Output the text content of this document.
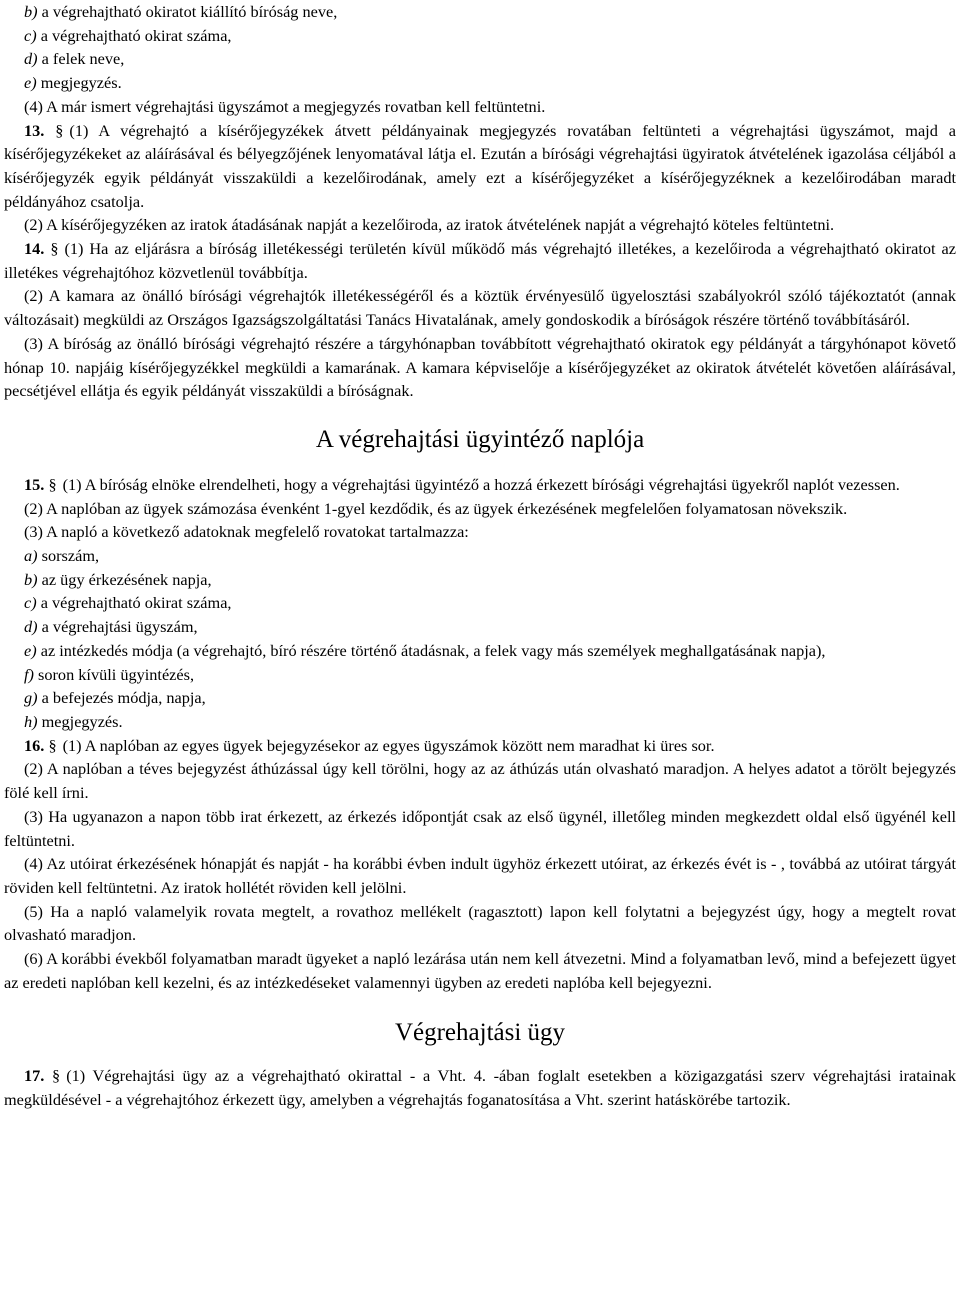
b) a végrehajtható okiratot kiállító bíróság neve,
c) a végrehajtható okirat száma,
d) a felek neve,
e) megjegyzés.

(4) A már ismert végrehajtási ügyszámot a megjegyzés rovatban kell feltüntetni.

13. § (1) A végrehajtó a kísérőjegyzékek átvett példányainak megjegyzés rovatában feltünteti a végrehajtási ügyszámot, majd a kísérőjegyzékeket az aláírásával és bélyegzőjének lenyomatával látja el. Ezután a bírósági végrehajtási ügyiratok átvételének igazolása céljából a kísérőjegyzék egyik példányát visszaküldi a kezelőirodának, amely ezt a kísérőjegyzéket a kísérőjegyzéknek a kezelőirodában maradt példányához csatolja.

(2) A kísérőjegyzéken az iratok átadásának napját a kezelőiroda, az iratok átvételének napját a végrehajtó köteles feltüntetni.

14. § (1) Ha az eljárásra a bíróság illetékességi területén kívül működő más végrehajtó illetékes, a kezelőiroda a végrehajtható okiratot az illetékes végrehajtóhoz közvetlenül továbbítja.

(2) A kamara az önálló bírósági végrehajtók illetékességéről és a köztük érvényesülő ügyelosztási szabályokról szóló tájékoztatót (annak változásait) megküldi az Országos Igazságszolgáltatási Tanács Hivatalának, amely gondoskodik a bíróságok részére történő továbbításáról.

(3) A bíróság az önálló bírósági végrehajtó részére a tárgyhónapban továbbított végrehajtható okiratok egy példányát a tárgyhónapot követő hónap 10. napjáig kísérőjegyzékkel megküldi a kamarának. A kamara képviselője a kísérőjegyzéket az okiratok átvételét követően aláírásával, pecsétjével ellátja és egyik példányát visszaküldi a bíróságnak.

A végrehajtási ügyintéző naplója

15. § (1) A bíróság elnöke elrendelheti, hogy a végrehajtási ügyintéző a hozzá érkezett bírósági végrehajtási ügyekről naplót vezessen.

(2) A naplóban az ügyek számozása évenként 1-gyel kezdődik, és az ügyek érkezésének megfelelően folyamatosan növekszik.

(3) A napló a következő adatoknak megfelelő rovatokat tartalmazza:

a) sorszám,
b) az ügy érkezésének napja,
c) a végrehajtható okirat száma,
d) a végrehajtási ügyszám,
e) az intézkedés módja (a végrehajtó, bíró részére történő átadásnak, a felek vagy más személyek meghallgatásának napja),
f) soron kívüli ügyintézés,
g) a befejezés módja, napja,
h) megjegyzés.

16. § (1) A naplóban az egyes ügyek bejegyzésekor az egyes ügyszámok között nem maradhat ki üres sor.

(2) A naplóban a téves bejegyzést áthúzással úgy kell törölni, hogy az az áthúzás után olvasható maradjon. A helyes adatot a törölt bejegyzés fölé kell írni.

(3) Ha ugyanazon a napon több irat érkezett, az érkezés időpontját csak az első ügynél, illetőleg minden megkezdett oldal első ügyénél kell feltüntetni.

(4) Az utóirat érkezésének hónapját és napját - ha korábbi évben indult ügyhöz érkezett utóirat, az érkezés évét is - , továbbá az utóirat tárgyát röviden kell feltüntetni. Az iratok hollétét röviden kell jelölni.

(5) Ha a napló valamelyik rovata megtelt, a rovathoz mellékelt (ragasztott) lapon kell folytatni a bejegyzést úgy, hogy a megtelt rovat olvasható maradjon.

(6) A korábbi évekből folyamatban maradt ügyeket a napló lezárása után nem kell átvezetni. Mind a folyamatban levő, mind a befejezett ügyet az eredeti naplóban kell kezelni, és az intézkedéseket valamennyi ügyben az eredeti naplóba kell bejegyezni.

Végrehajtási ügy

17. § (1) Végrehajtási ügy az a végrehajtható okirattal - a Vht. 4. -ában foglalt esetekben a közigazgatási szerv végrehajtási iratainak megküldésével - a végrehajtóhoz érkezett ügy, amelyben a végrehajtás foganatosítása a Vht. szerint hatáskörébe tartozik.
